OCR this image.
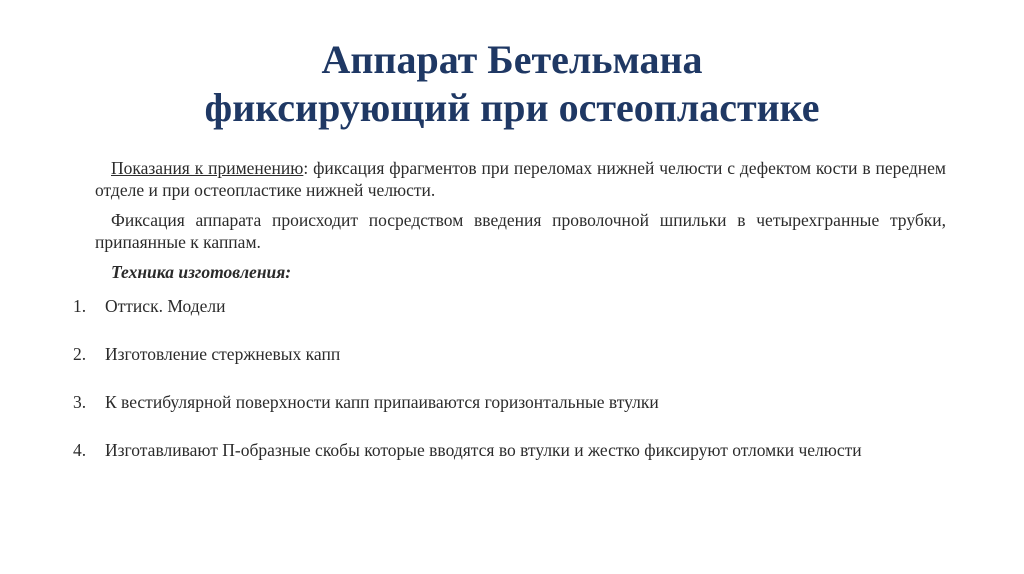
Аппарат Бетельмана
фиксирующий при остеопластике
Показания к применению: фиксация фрагментов при переломах нижней челюсти с дефектом кости в переднем отделе и при остеопластике нижней челюсти.
Фиксация аппарата происходит посредством введения проволочной шпильки в четырехгранные трубки, припаянные к каппам.
Техника изготовления:
1. Оттиск. Модели
2. Изготовление стержневых капп
3. К вестибулярной поверхности капп припаиваются горизонтальные втулки
4. Изготавливают П-образные скобы которые вводятся во втулки и жестко фиксируют отломки челюсти
